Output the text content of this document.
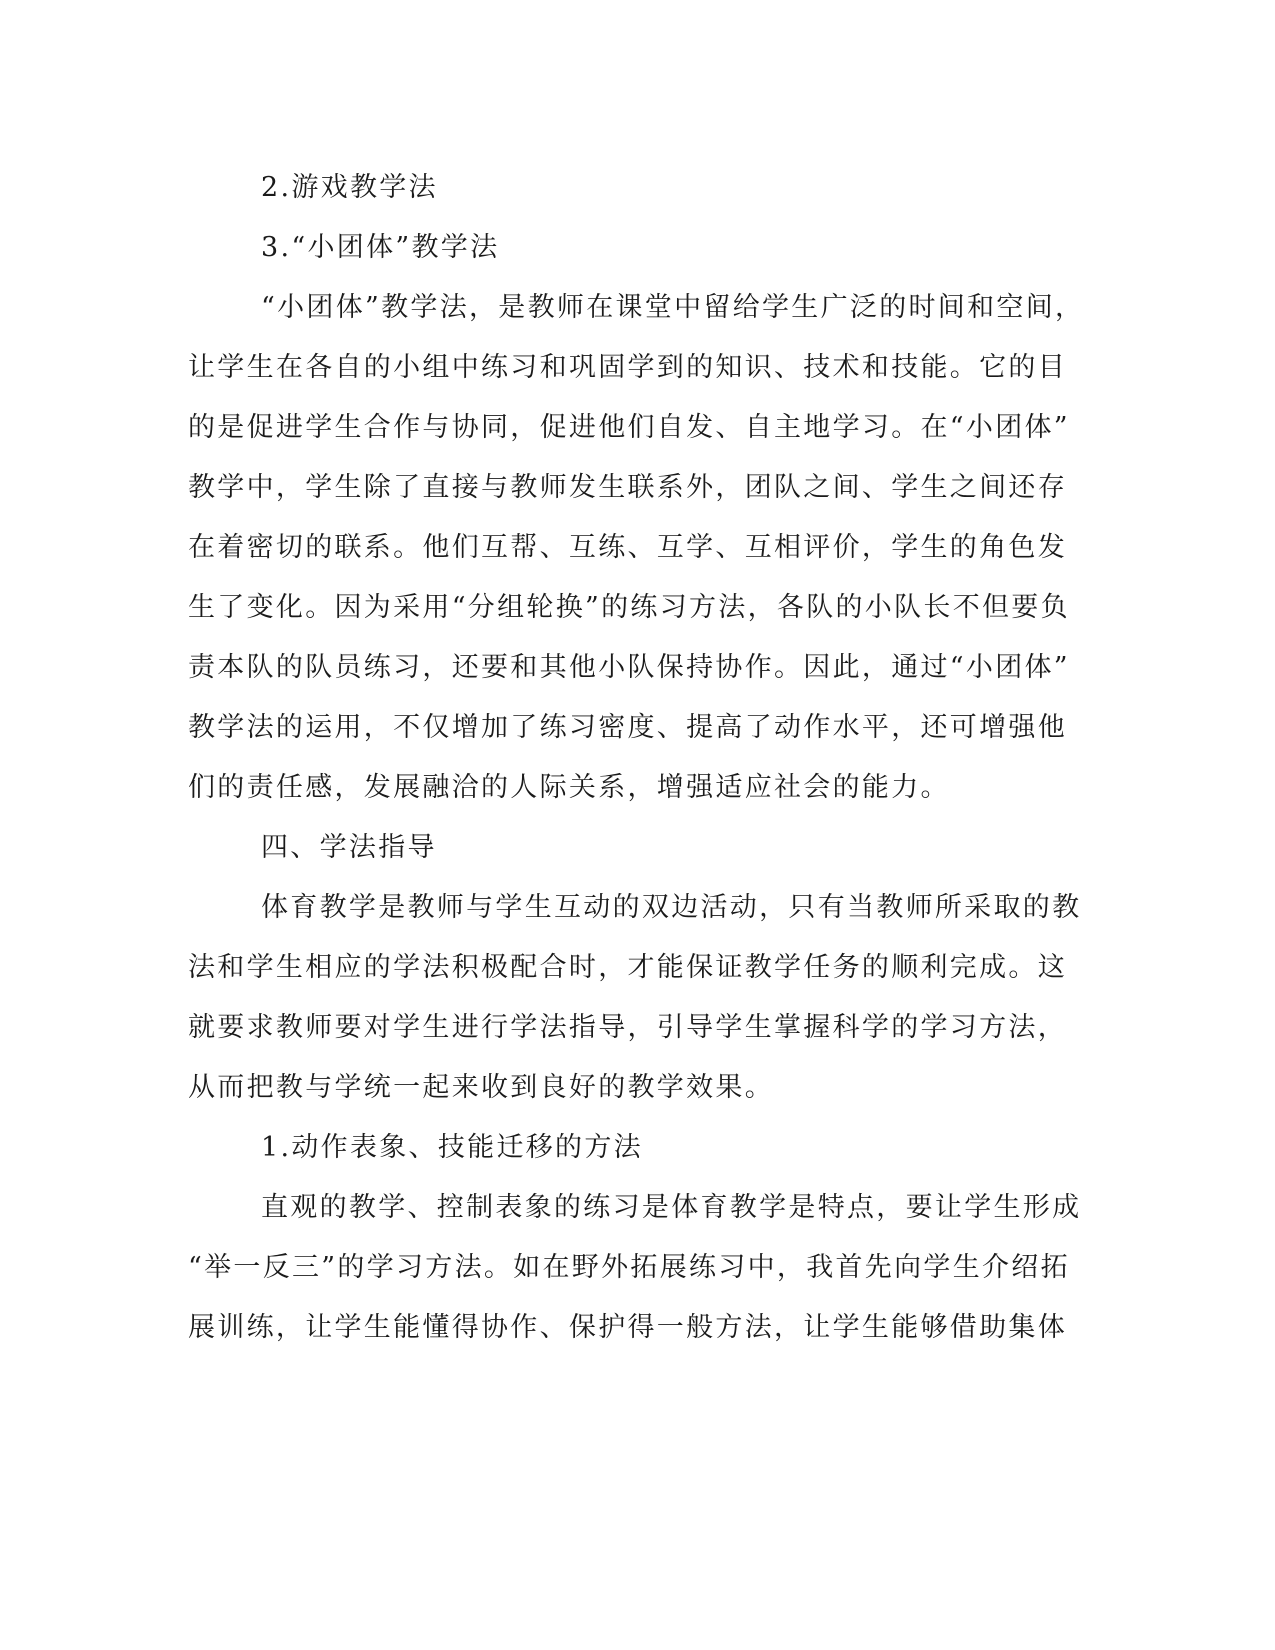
2.游戏教学法
3.“小团体”教学法
“小团体”教学法，是教师在课堂中留给学生广泛的时间和空间，
让学生在各自的小组中练习和巩固学到的知识、技术和技能。它的目
的是促进学生合作与协同，促进他们自发、自主地学习。在“小团体”
教学中，学生除了直接与教师发生联系外，团队之间、学生之间还存
在着密切的联系。他们互帮、互练、互学、互相评价，学生的角色发
生了变化。因为采用“分组轮换”的练习方法，各队的小队长不但要负
责本队的队员练习，还要和其他小队保持协作。因此，通过“小团体”
教学法的运用，不仅增加了练习密度、提高了动作水平，还可增强他
们的责任感，发展融洽的人际关系，增强适应社会的能力。
四、学法指导
体育教学是教师与学生互动的双边活动，只有当教师所采取的教
法和学生相应的学法积极配合时，才能保证教学任务的顺利完成。这
就要求教师要对学生进行学法指导，引导学生掌握科学的学习方法，
从而把教与学统一起来收到良好的教学效果。
1.动作表象、技能迁移的方法
直观的教学、控制表象的练习是体育教学是特点，要让学生形成
“举一反三”的学习方法。如在野外拓展练习中，我首先向学生介绍拓
展训练，让学生能懂得协作、保护得一般方法，让学生能够借助集体
